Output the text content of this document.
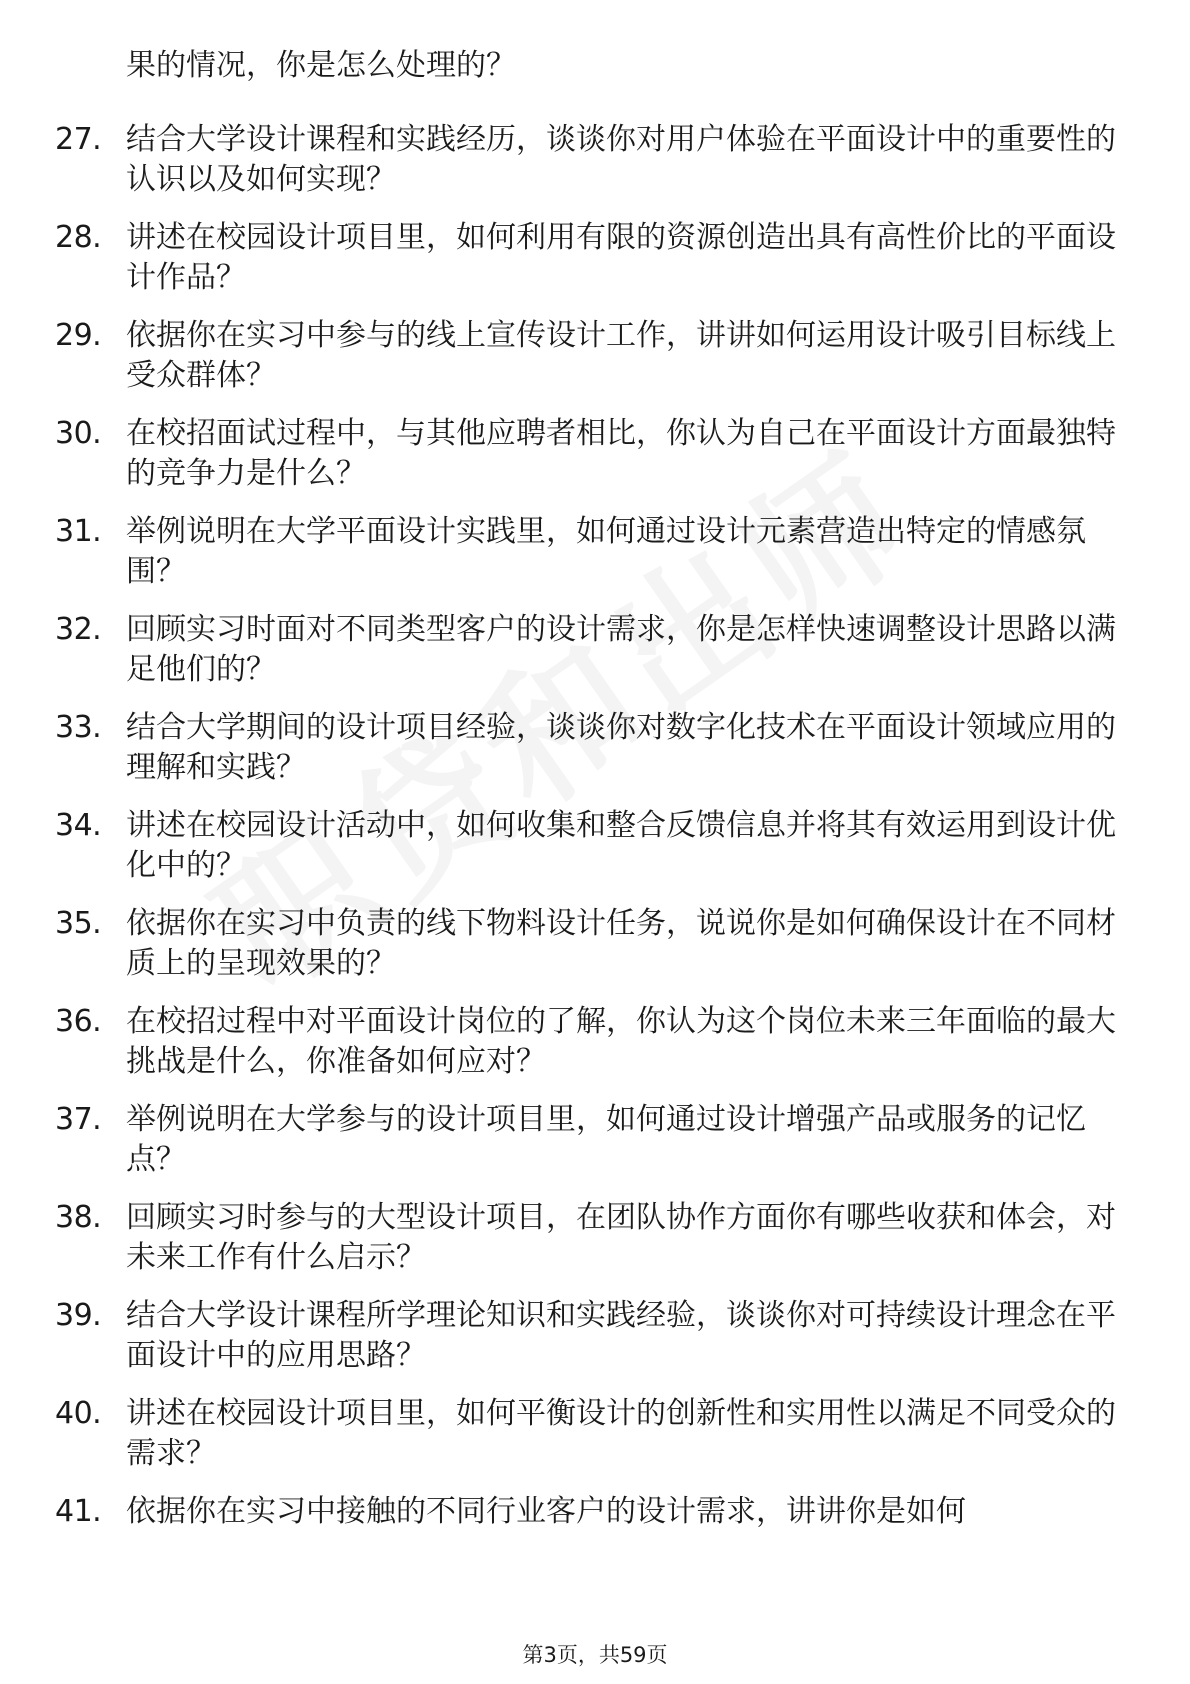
果的情况，你是怎么处理的？
27. 结合大学设计课程和实践经历，谈谈你对用户体验在平面设计中的重要性的认识以及如何实现？
28. 讲述在校园设计项目里，如何利用有限的资源创造出具有高性价比的平面设计作品？
29. 依据你在实习中参与的线上宣传设计工作，讲讲如何运用设计吸引目标线上受众群体？
30. 在校招面试过程中，与其他应聘者相比，你认为自己在平面设计方面最独特的竞争力是什么？
31. 举例说明在大学平面设计实践里，如何通过设计元素营造出特定的情感氛围？
32. 回顾实习时面对不同类型客户的设计需求，你是怎样快速调整设计思路以满足他们的？
33. 结合大学期间的设计项目经验，谈谈你对数字化技术在平面设计领域应用的理解和实践？
34. 讲述在校园设计活动中，如何收集和整合反馈信息并将其有效运用到设计优化中的？
35. 依据你在实习中负责的线下物料设计任务，说说你是如何确保设计在不同材质上的呈现效果的？
36. 在校招过程中对平面设计岗位的了解，你认为这个岗位未来三年面临的最大挑战是什么，你准备如何应对？
37. 举例说明在大学参与的设计项目里，如何通过设计增强产品或服务的记忆点？
38. 回顾实习时参与的大型设计项目，在团队协作方面你有哪些收获和体会，对未来工作有什么启示？
39. 结合大学设计课程所学理论知识和实践经验，谈谈你对可持续设计理念在平面设计中的应用思路？
40. 讲述在校园设计项目里，如何平衡设计的创新性和实用性以满足不同受众的需求？
41. 依据你在实习中接触的不同行业客户的设计需求，讲讲你是如何
第3页，共59页
